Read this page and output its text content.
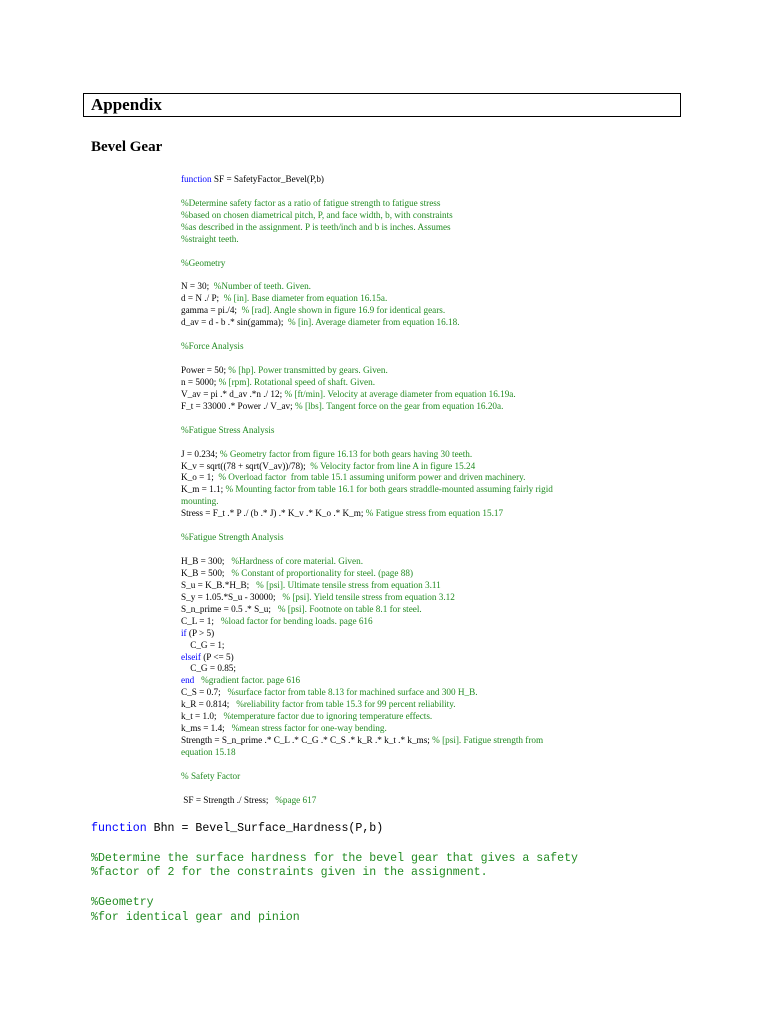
Appendix
Bevel Gear
function SF = SafetyFactor_Bevel(P,b)
%Determine safety factor as a ratio of fatigue strength to fatigue stress
%based on chosen diametrical pitch, P, and face width, b, with constraints
%as described in the assignment. P is teeth/inch and b is inches. Assumes
%straight teeth.
%Geometry
N = 30;  %Number of teeth. Given.
d = N ./ P;  % [in]. Base diameter from equation 16.15a.
gamma = pi./4;  % [rad]. Angle shown in figure 16.9 for identical gears.
d_av = d - b .* sin(gamma);  % [in]. Average diameter from equation 16.18.
%Force Analysis
Power = 50; % [hp]. Power transmitted by gears. Given.
n = 5000; % [rpm]. Rotational speed of shaft. Given.
V_av = pi .* d_av .*n ./ 12; % [ft/min]. Velocity at average diameter from equation 16.19a.
F_t = 33000 .* Power ./ V_av; % [lbs]. Tangent force on the gear from equation 16.20a.
%Fatigue Stress Analysis
J = 0.234; % Geometry factor from figure 16.13 for both gears having 30 teeth.
K_v = sqrt((78 + sqrt(V_av))/78);  % Velocity factor from line A in figure 15.24
K_o = 1;  % Overload factor  from table 15.1 assuming uniform power and driven machinery.
K_m = 1.1; % Mounting factor from table 16.1 for both gears straddle-mounted assuming fairly rigid
mounting.
Stress = F_t .* P ./ (b .* J) .* K_v .* K_o .* K_m; % Fatigue stress from equation 15.17
%Fatigue Strength Analysis
H_B = 300;   %Hardness of core material. Given.
K_B = 500;   % Constant of proportionality for steel. (page 88)
S_u = K_B.*H_B;   % [psi]. Ultimate tensile stress from equation 3.11
S_y = 1.05.*S_u - 30000;   % [psi]. Yield tensile stress from equation 3.12
S_n_prime = 0.5 .* S_u;   % [psi]. Footnote on table 8.1 for steel.
C_L = 1;   %load factor for bending loads. page 616
if (P > 5)
C_G = 1;
elseif (P <= 5)
C_G = 0.85;
end %gradient factor. page 616
C_S = 0.7;   %surface factor from table 8.13 for machined surface and 300 H_B.
k_R = 0.814;   %reliability factor from table 15.3 for 99 percent reliability.
k_t = 1.0;   %temperature factor due to ignoring temperature effects.
k_ms = 1.4;   %mean stress factor for one-way bending.
Strength = S_n_prime .* C_L .* C_G .* C_S .* k_R .* k_t .* k_ms; % [psi]. Fatigue strength from
equation 15.18
% Safety Factor
SF = Strength ./ Stress;   %page 617
function Bhn = Bevel_Surface_Hardness(P,b)
%Determine the surface hardness for the bevel gear that gives a safety
%factor of 2 for the constraints given in the assignment.
%Geometry
%for identical gear and pinion
